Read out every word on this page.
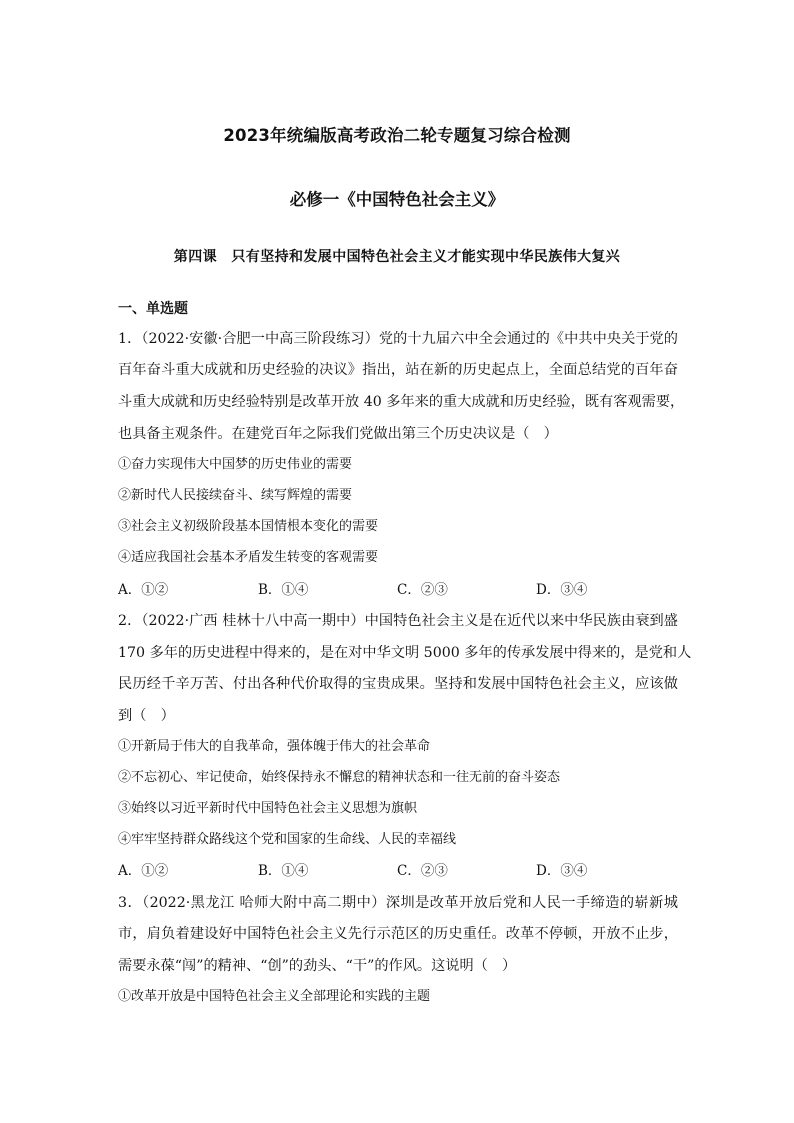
2023年统编版高考政治二轮专题复习综合检测
必修一《中国特色社会主义》
第四课　只有坚持和发展中国特色社会主义才能实现中华民族伟大复兴
一、单选题
1．（2022·安徽·合肥一中高三阶段练习）党的十九届六中全会通过的《中共中央关于党的
百年奋斗重大成就和历史经验的决议》指出，站在新的历史起点上，全面总结党的百年奋
斗重大成就和历史经验特别是改革开放 40 多年来的重大成就和历史经验，既有客观需要，
也具备主观条件。在建党百年之际我们党做出第三个历史决议是（　）
①奋力实现伟大中国梦的历史伟业的需要
②新时代人民接续奋斗、续写辉煌的需要
③社会主义初级阶段基本国情根本变化的需要
④适应我国社会基本矛盾发生转变的客观需要
A．①②	B．①④	C．②③	D．③④
2．（2022·广西 桂林十八中高一期中）中国特色社会主义是在近代以来中华民族由衰到盛
170 多年的历史进程中得来的，是在对中华文明 5000 多年的传承发展中得来的，是党和人
民历经千辛万苦、付出各种代价取得的宝贵成果。坚持和发展中国特色社会主义，应该做
到（　）
①开新局于伟大的自我革命，强体魄于伟大的社会革命
②不忘初心、牢记使命，始终保持永不懈怠的精神状态和一往无前的奋斗姿态
③始终以习近平新时代中国特色社会主义思想为旗帜
④牢牢坚持群众路线这个党和国家的生命线、人民的幸福线
A．①②	B．①④	C．②③	D．③④
3．（2022·黑龙江 哈师大附中高二期中）深圳是改革开放后党和人民一手缔造的崭新城
市，肩负着建设好中国特色社会主义先行示范区的历史重任。改革不停顿，开放不止步，
需要永葆“闯”的精神、“创”的劲头、“干”的作风。这说明（　）
①改革开放是中国特色社会主义全部理论和实践的主题
